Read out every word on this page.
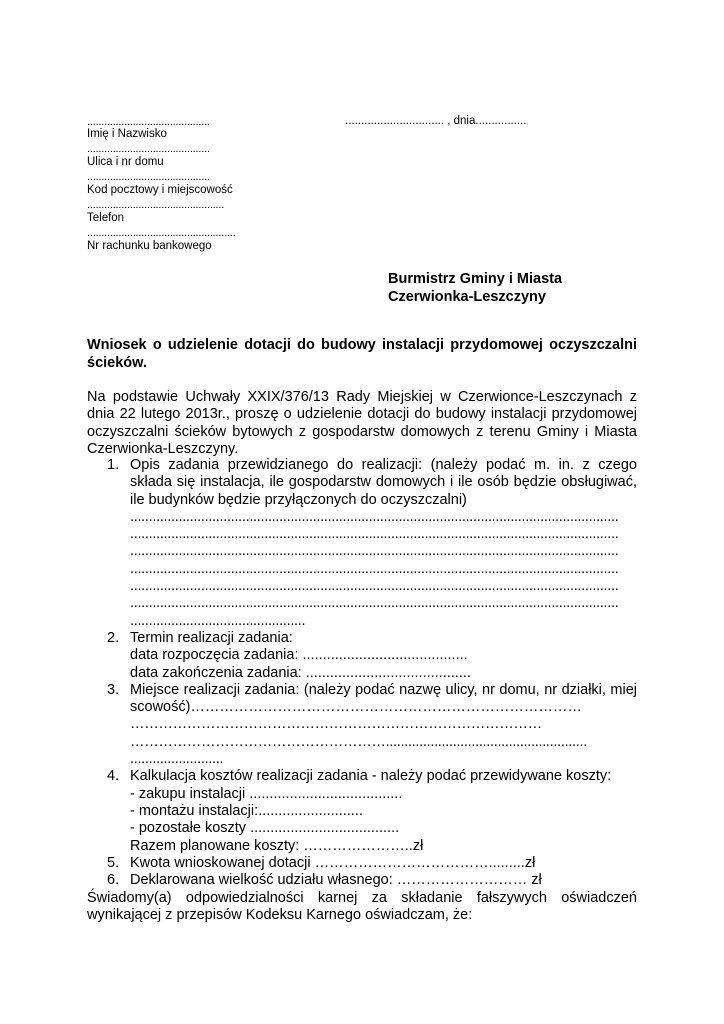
...........................................
Imię i Nazwisko
...........................................
Ulica i nr domu
...........................................
Kod pocztowy i miejscowość
................................................
Telefon
....................................................
Nr rachunku bankowego
............................... , dnia................
Burmistrz Gminy i Miasta
Czerwionka-Leszczyny
Wniosek o udzielenie dotacji do budowy instalacji przydomowej oczyszczalni ścieków.
Na podstawie Uchwały XXIX/376/13 Rady Miejskiej w Czerwionce-Leszczynach z dnia 22 lutego 2013r., proszę o udzielenie dotacji do budowy instalacji przydomowej oczyszczalni ścieków bytowych z gospodarstw domowych z terenu Gminy i Miasta Czerwionka-Leszczyny.
1. Opis zadania przewidzianego do realizacji: (należy podać m. in. z czego składa się instalacja, ile gospodarstw domowych i ile osób będzie obsługiwać, ile budynków będzie przyłączonych do oczyszczalni)
...................................................................................................................................
...................................................................................................................................
...................................................................................................................................
...................................................................................................................................
...................................................................................................................................
...................................................................................................................................
...............................................
2. Termin realizacji zadania:
data rozpoczęcia zadania: .........................................
data zakończenia zadania: .........................................
3. Miejsce realizacji zadania: (należy podać nazwę ulicy, nr domu, nr działki, miejscowość)………………………………………………………………………
……………………………………………………………………………
………………………………………………......................................................
.........................
4. Kalkulacja kosztów realizacji zadania - należy podać przewidywane koszty:
- zakupu instalacji ......................................
- montażu instalacji:..........................
- pozostałe koszty .....................................
Razem planowane koszty: …………………..zł
5. Kwota wnioskowanej dotacji ……………………………….........zł
6. Deklarowana wielkość udziału własnego: ……………………… zł
Świadomy(a) odpowiedzialności karnej za składanie fałszywych oświadczeń wynikającej z przepisów Kodeksu Karnego oświadczam, że:
